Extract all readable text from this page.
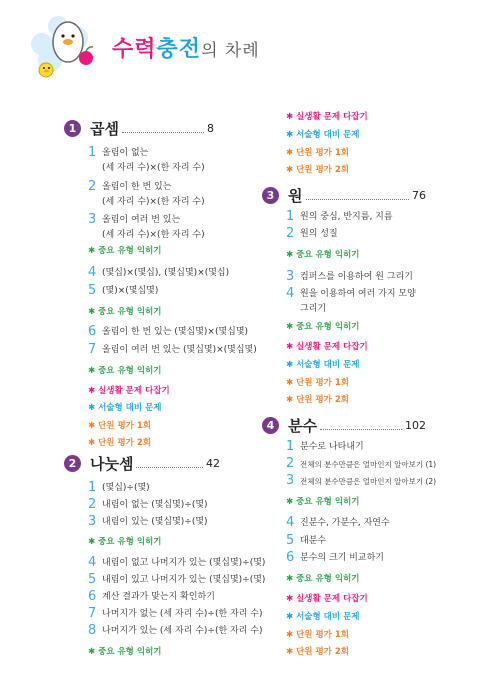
수력충전의 차례
1 곱셈	8
1 올림이 없는
(세 자리 수)×(한 자리 수)
2 올림이 한 번 있는
(세 자리 수)×(한 자리 수)
3 올림이 여러 번 있는
(세 자리 수)×(한 자리 수)
✱ 중요 유형 익히기
4 (몇십)×(몇십), (몇십몇)×(몇십)
5 (몇)×(몇십몇)
✱ 중요 유형 익히기
6 올림이 한 번 있는 (몇십몇)×(몇십몇)
7 올림이 여러 번 있는 (몇십몇)×(몇십몇)
✱ 중요 유형 익히기
✱ 실생활 문제 다잡기
✱ 서술형 대비 문제
✱ 단원 평가 1회
✱ 단원 평가 2회
2 나눗셈	42
1 (몇십)÷(몇)
2 내림이 없는 (몇십몇)÷(몇)
3 내림이 있는 (몇십몇)÷(몇)
✱ 중요 유형 익히기
4 내림이 없고 나머지가 있는 (몇십몇)÷(몇)
5 내림이 있고 나머지가 있는 (몇십몇)÷(몇)
6 계산 결과가 맞는지 확인하기
7 나머지가 없는 (세 자리 수)÷(한 자리 수)
8 나머지가 있는 (세 자리 수)÷(한 자리 수)
✱ 중요 유형 익히기
✱ 실생활 문제 다잡기
✱ 서술형 대비 문제
✱ 단원 평가 1회
✱ 단원 평가 2회
3 원	76
1 원의 중심, 반지름, 지름
2 원의 성질
✱ 중요 유형 익히기
3 컴퍼스를 이용하여 원 그리기
4 원을 이용하여 여러 가지 모양
그리기
✱ 중요 유형 익히기
✱ 실생활 문제 다잡기
✱ 서술형 대비 문제
✱ 단원 평가 1회
✱ 단원 평가 2회
4 분수	102
1 분수로 나타내기
2 전체의 분수만큼은 얼마인지 알아보기 (1)
3 전체의 분수만큼은 얼마인지 알아보기 (2)
✱ 중요 유형 익히기
4 진분수, 가분수, 자연수
5 대분수
6 분수의 크기 비교하기
✱ 중요 유형 익히기
✱ 실생활 문제 다잡기
✱ 서술형 대비 문제
✱ 단원 평가 1회
✱ 단원 평가 2회
